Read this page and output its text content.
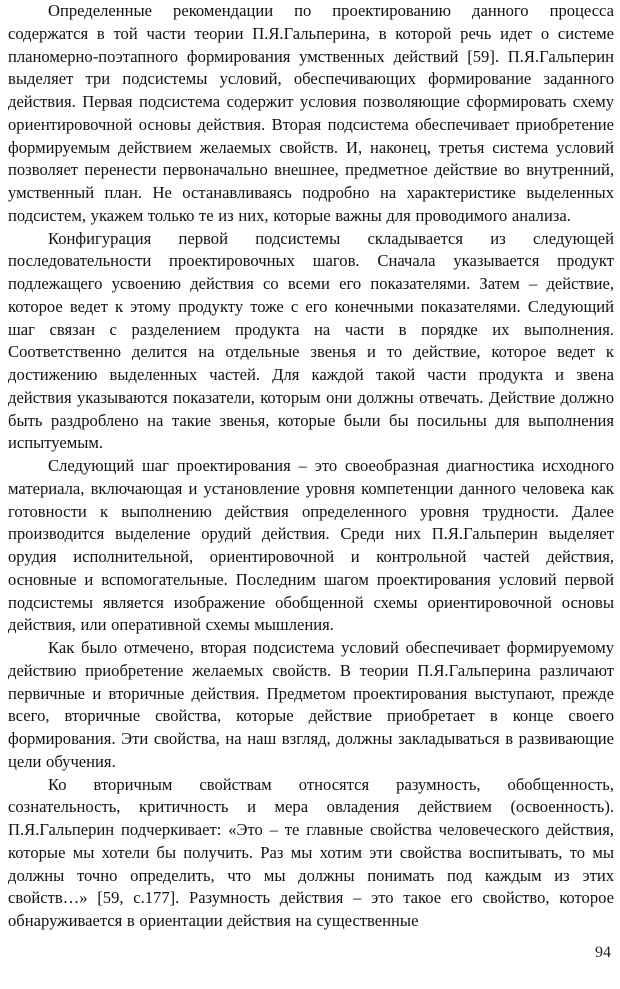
Определенные рекомендации по проектированию данного процесса содержатся в той части теории П.Я.Гальперина, в которой речь идет о системе планомерно-поэтапного формирования умственных действий [59]. П.Я.Гальперин выделяет три подсистемы условий, обеспечивающих формирование заданного действия. Первая подсистема содержит условия позволяющие сформировать схему ориентировочной основы действия. Вторая подсистема обеспечивает приобретение формируемым действием желаемых свойств. И, наконец, третья система условий позволяет перенести первоначально внешнее, предметное действие во внутренний, умственный план. Не останавливаясь подробно на характеристике выделенных подсистем, укажем только те из них, которые важны для проводимого анализа.

Конфигурация первой подсистемы складывается из следующей последовательности проектировочных шагов. Сначала указывается продукт подлежащего усвоению действия со всеми его показателями. Затем – действие, которое ведет к этому продукту тоже с его конечными показателями. Следующий шаг связан с разделением продукта на части в порядке их выполнения. Соответственно делится на отдельные звенья и то действие, которое ведет к достижению выделенных частей. Для каждой такой части продукта и звена действия указываются показатели, которым они должны отвечать. Действие должно быть раздроблено на такие звенья, которые были бы посильны для выполнения испытуемым.

Следующий шаг проектирования – это своеобразная диагностика исходного материала, включающая и установление уровня компетенции данного человека как готовности к выполнению действия определенного уровня трудности. Далее производится выделение орудий действия. Среди них П.Я.Гальперин выделяет орудия исполнительной, ориентировочной и контрольной частей действия, основные и вспомогательные. Последним шагом проектирования условий первой подсистемы является изображение обобщенной схемы ориентировочной основы действия, или оперативной схемы мышления.

Как было отмечено, вторая подсистема условий обеспечивает формируемому действию приобретение желаемых свойств. В теории П.Я.Гальперина различают первичные и вторичные действия. Предметом проектирования выступают, прежде всего, вторичные свойства, которые действие приобретает в конце своего формирования. Эти свойства, на наш взгляд, должны закладываться в развивающие цели обучения.

Ко вторичным свойствам относятся разумность, обобщенность, сознательность, критичность и мера овладения действием (освоенность). П.Я.Гальперин подчеркивает: «Это – те главные свойства человеческого действия, которые мы хотели бы получить. Раз мы хотим эти свойства воспитывать, то мы должны точно определить, что мы должны понимать под каждым из этих свойств…» [59, с.177]. Разумность действия – это такое его свойство, которое обнаруживается в ориентации действия на существенные

94
